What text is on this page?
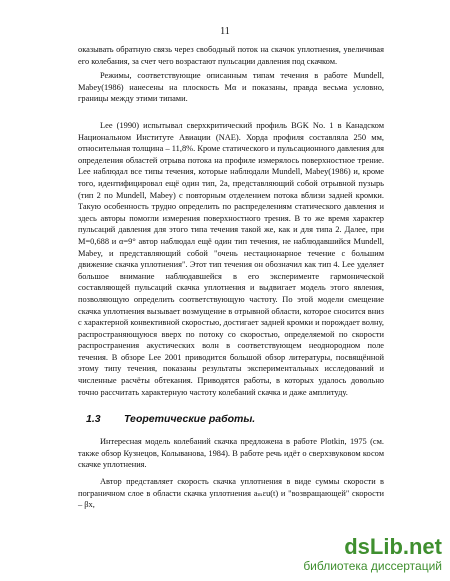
11

оказывать обратную связь через свободный поток на скачок уплотнения, увеличивая его колебания, за счет чего возрастают пульсации давления под скачком.

Режимы, соответствующие описанным типам течения в работе Mundell, Mabey(1986) нанесены на плоскость Mα и показаны, правда весьма условно, границы между этими типами.

Lee (1990) испытывал сверхкритический профиль BGK No. 1 в Канадском Национальном Институте Авиации (NAE). Хорда профиля составляла 250 мм, относительная толщина – 11,8%. Кроме статического и пульсационного давления для определения областей отрыва потока на профиле измерялось поверхностное трение. Lee наблюдал все типы течения, которые наблюдали Mundell, Mabey(1986) и, кроме того, идентифицировал ещё один тип, 2а, представляющий собой отрывной пузырь (тип 2 по Mundell, Mabey) с повторным отделением потока вблизи задней кромки. Такую особенность трудно определить по распределениям статического давления и здесь авторы помогли измерения поверхностного трения. В то же время характер пульсаций давления для этого типа течения такой же, как и для типа 2. Далее, при M=0,688 и α=9° автор наблюдал ещё один тип течения, не наблюдавшийся Mundell, Mabey, и представляющий собой "очень нестационарное течение с большим движение скачка уплотнения". Этот тип течения он обозначил как тип 4. Lee уделяет большое внимание наблюдавшейся в его эксперименте гармонической составляющей пульсаций скачка уплотнения и выдвигает модель этого явления, позволяющую определить соответствующую частоту. По этой модели смещение скачка уплотнения вызывает возмущение в отрывной области, которое сносится вниз с характерной конвективной скоростью, достигает задней кромки и порождает волну, распространяющуюся вверх по потоку со скоростью, определяемой по скорости распространения акустических волн в соответствующем неоднородном поле течения. В обзоре Lee 2001 приводится большой обзор литературы, посвящённой этому типу течения, показаны результаты экспериментальных исследований и численные расчёты обтекания. Приводятся работы, в которых удалось довольно точно рассчитать характерную частоту колебаний скачка и даже амплитуду.

1.3 Теоретические работы.

Интересная модель колебаний скачка предложена в работе Plotkin, 1975 (см. также обзор Кузнецов, Колыванова, 1984). В работе речь идёт о сверхзвуковом косом скачке уплотнения.

Автор представляет скорость скачка уплотнения в виде суммы скорости в пограничном слое в области скачка уплотнения aₘεu(t) и "возвращающей" скорости – βx,

dsLib.net
библиотека диссертаций
